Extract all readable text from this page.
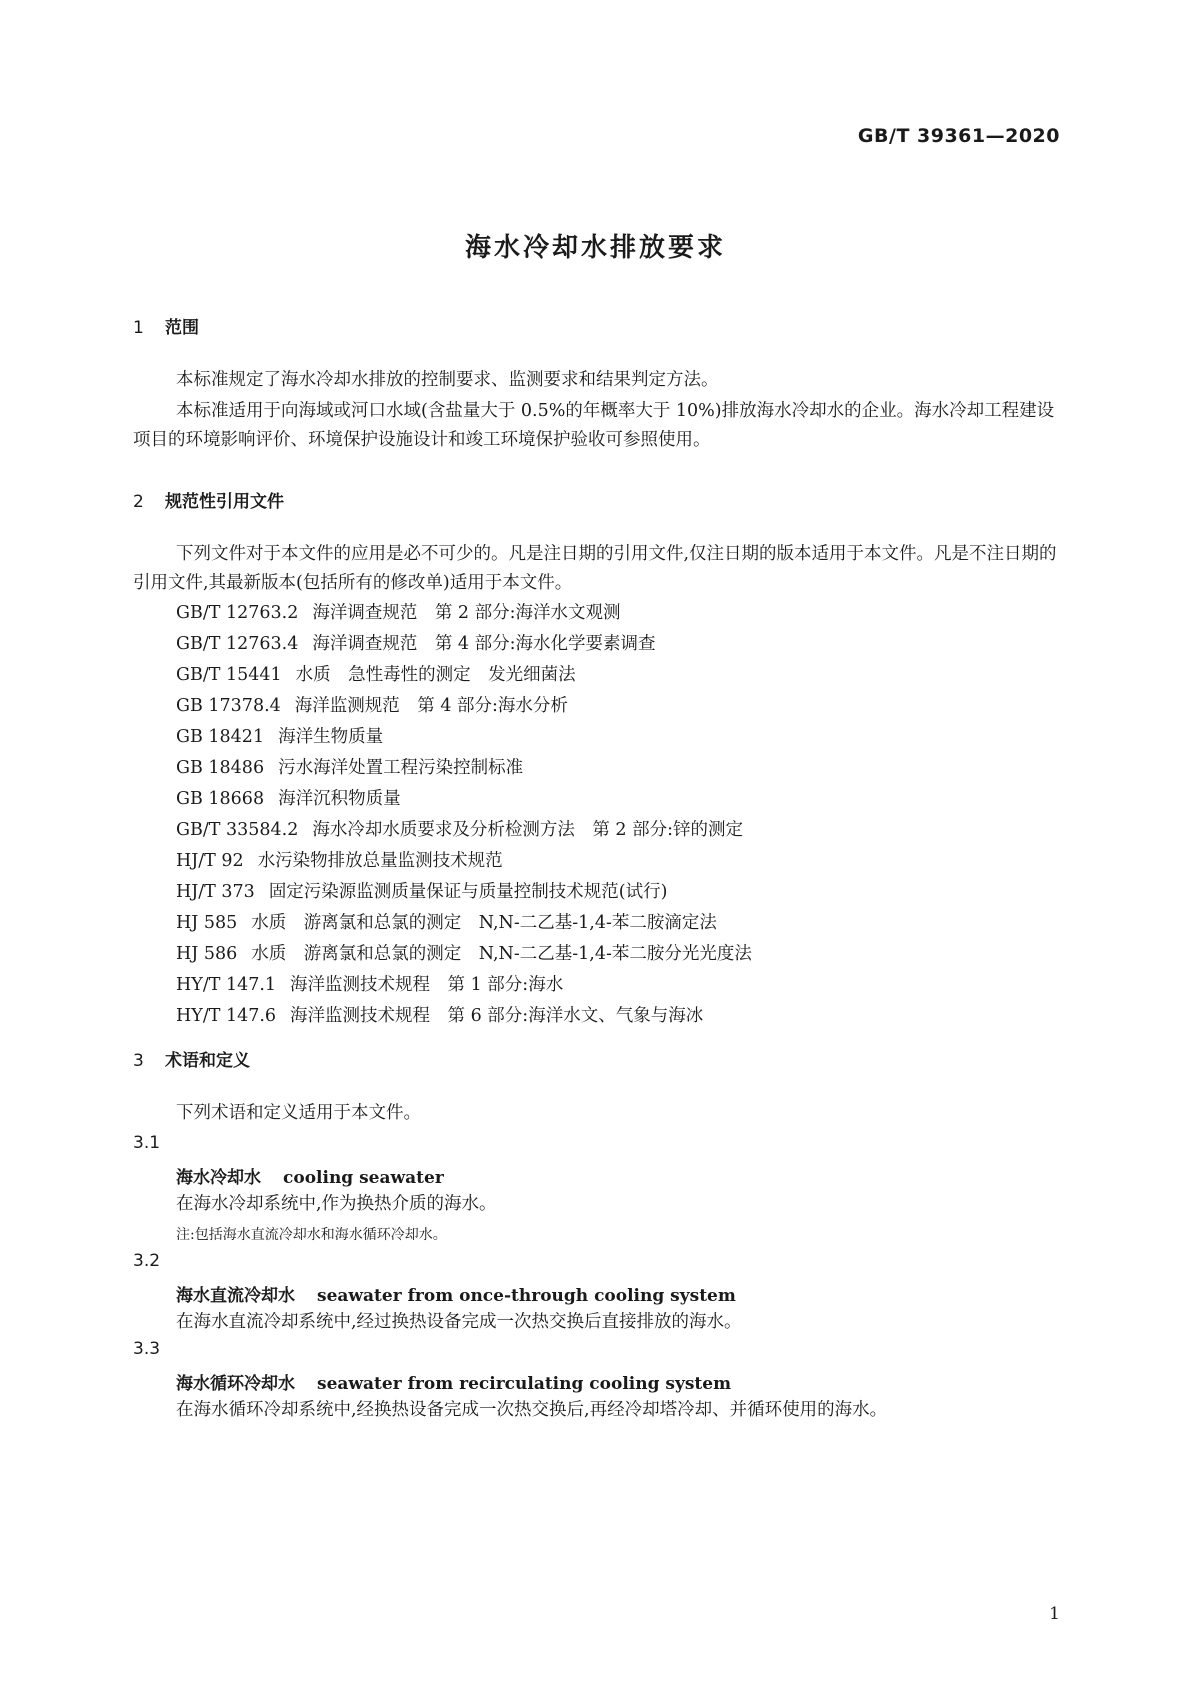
GB/T 39361—2020
海水冷却水排放要求
1 范围
本标准规定了海水冷却水排放的控制要求、监测要求和结果判定方法。
本标准适用于向海域或河口水域(含盐量大于 0.5%的年概率大于 10%)排放海水冷却水的企业。海水冷却工程建设项目的环境影响评价、环境保护设施设计和竣工环境保护验收可参照使用。
2 规范性引用文件
下列文件对于本文件的应用是必不可少的。凡是注日期的引用文件,仅注日期的版本适用于本文件。凡是不注日期的引用文件,其最新版本(包括所有的修改单)适用于本文件。
GB/T 12763.2 海洋调查规范　第 2 部分:海洋水文观测
GB/T 12763.4 海洋调查规范　第 4 部分:海水化学要素调查
GB/T 15441 水质　急性毒性的测定　发光细菌法
GB 17378.4 海洋监测规范　第 4 部分:海水分析
GB 18421 海洋生物质量
GB 18486 污水海洋处置工程污染控制标准
GB 18668 海洋沉积物质量
GB/T 33584.2 海水冷却水质要求及分析检测方法　第 2 部分:锌的测定
HJ/T 92 水污染物排放总量监测技术规范
HJ/T 373 固定污染源监测质量保证与质量控制技术规范(试行)
HJ 585 水质　游离氯和总氯的测定　N,N-二乙基-1,4-苯二胺滴定法
HJ 586 水质　游离氯和总氯的测定　N,N-二乙基-1,4-苯二胺分光光度法
HY/T 147.1 海洋监测技术规程　第 1 部分:海水
HY/T 147.6 海洋监测技术规程　第 6 部分:海洋水文、气象与海冰
3 术语和定义
下列术语和定义适用于本文件。
3.1
海水冷却水 cooling seawater
在海水冷却系统中,作为换热介质的海水。
注:包括海水直流冷却水和海水循环冷却水。
3.2
海水直流冷却水 seawater from once-through cooling system
在海水直流冷却系统中,经过换热设备完成一次热交换后直接排放的海水。
3.3
海水循环冷却水 seawater from recirculating cooling system
在海水循环冷却系统中,经换热设备完成一次热交换后,再经冷却塔冷却、并循环使用的海水。
1
